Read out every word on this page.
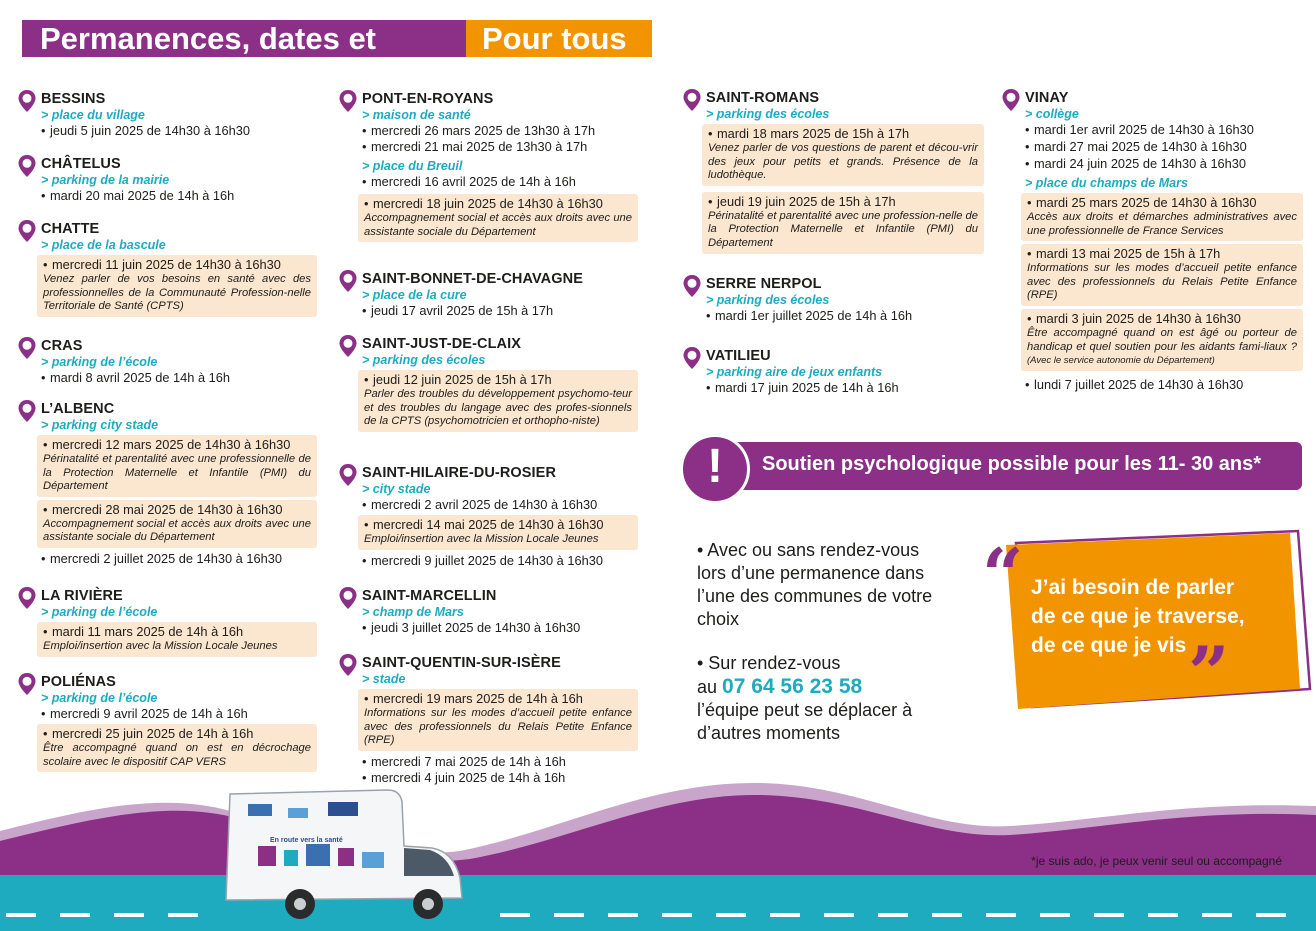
Permanences, dates et lieux
Pour tous
BESSINS
> place du village
• jeudi 5 juin 2025 de 14h30 à 16h30
CHÂTELUS
> parking de la mairie
• mardi 20 mai 2025 de 14h à 16h
CHATTE
> place de la bascule
• mercredi 11 juin 2025 de 14h30 à 16h30
Venez parler de vos besoins en santé avec des professionnelles de la Communauté Profession-nelle Territoriale de Santé (CPTS)
CRAS
> parking de l’école
• mardi 8 avril 2025 de 14h à 16h
L’ALBENC
> parking city stade
• mercredi 12 mars 2025 de 14h30 à 16h30
Périnatalité et parentalité avec une professionnelle de la Protection Maternelle et Infantile (PMI) du Département
• mercredi 28 mai 2025 de 14h30 à 16h30
Accompagnement social et accès aux droits avec une assistante sociale du Département
• mercredi 2 juillet 2025 de 14h30 à 16h30
LA RIVIÈRE
> parking de l’école
• mardi 11 mars 2025 de 14h à 16h
Emploi/insertion avec la Mission Locale Jeunes
POLIÉNAS
> parking de l’école
• mercredi 9 avril 2025 de 14h à 16h
• mercredi 25 juin 2025 de 14h à 16h
Être accompagné quand on est en décrochage scolaire avec le dispositif CAP VERS
PONT-EN-ROYANS
> maison de santé
• mercredi 26 mars 2025 de 13h30 à 17h
• mercredi 21 mai 2025 de 13h30 à 17h
> place du Breuil
• mercredi 16 avril 2025 de 14h à 16h
• mercredi 18 juin 2025 de 14h30 à 16h30
Accompagnement social et accès aux droits avec une assistante sociale du Département
SAINT-BONNET-DE-CHAVAGNE
> place de la cure
• jeudi 17 avril 2025 de 15h à 17h
SAINT-JUST-DE-CLAIX
> parking des écoles
• jeudi 12 juin 2025 de 15h à 17h
Parler des troubles du développement psychomo-teur et des troubles du langage avec des profes-sionnels de la CPTS (psychomotricien et orthopho-niste)
SAINT-HILAIRE-DU-ROSIER
> city stade
• mercredi 2 avril 2025 de 14h30 à 16h30
• mercredi 14 mai 2025 de 14h30 à 16h30
Emploi/insertion avec la Mission Locale Jeunes
• mercredi 9 juillet 2025 de 14h30 à 16h30
SAINT-MARCELLIN
> champ de Mars
• jeudi 3 juillet 2025 de 14h30 à 16h30
SAINT-QUENTIN-SUR-ISÈRE
> stade
• mercredi 19 mars 2025 de 14h à 16h
Informations sur les modes d’accueil petite enfance avec des professionnels du Relais Petite Enfance (RPE)
• mercredi 7 mai 2025 de 14h à 16h
• mercredi 4 juin 2025 de 14h à 16h
SAINT-ROMANS
> parking des écoles
• mardi 18 mars 2025 de 15h à 17h
Venez parler de vos questions de parent et décou-vrir des jeux pour petits et grands. Présence de la ludothèque.
• jeudi 19 juin 2025 de 15h à 17h
Périnatalité et parentalité avec une profession-nelle de la Protection Maternelle et Infantile (PMI) du Département
SERRE NERPOL
> parking des écoles
• mardi 1er juillet 2025 de 14h à 16h
VATILIEU
> parking aire de jeux enfants
• mardi 17 juin 2025 de 14h à 16h
VINAY
> collège
• mardi 1er avril 2025 de 14h30 à 16h30
• mardi 27 mai 2025 de 14h30 à 16h30
• mardi 24 juin 2025 de 14h30 à 16h30
> place du champs de Mars
• mardi 25 mars 2025 de 14h30 à 16h30
Accès aux droits et démarches administratives avec une professionnelle de France Services
• mardi 13 mai 2025 de 15h à 17h
Informations sur les modes d’accueil petite enfance avec des professionnels du Relais Petite Enfance (RPE)
• mardi 3 juin 2025 de 14h30 à 16h30
Être accompagné quand on est âgé ou porteur de handicap et quel soutien pour les aidants fami-liaux ? (Avec le service autonomie du Département)
• lundi 7 juillet 2025 de 14h30 à 16h30
!	Soutien psychologique possible pour les 11- 30 ans*
• Avec ou sans rendez-vous lors d’une permanence dans l’une des communes de votre choix
• Sur rendez-vous
au 07 64 56 23 58
l’équipe peut se déplacer à d’autres moments
“ J’ai besoin de parler
de ce que je traverse,
de ce que je vis ”
En route vers la santé
*je suis ado, je peux venir seul ou accompagné
